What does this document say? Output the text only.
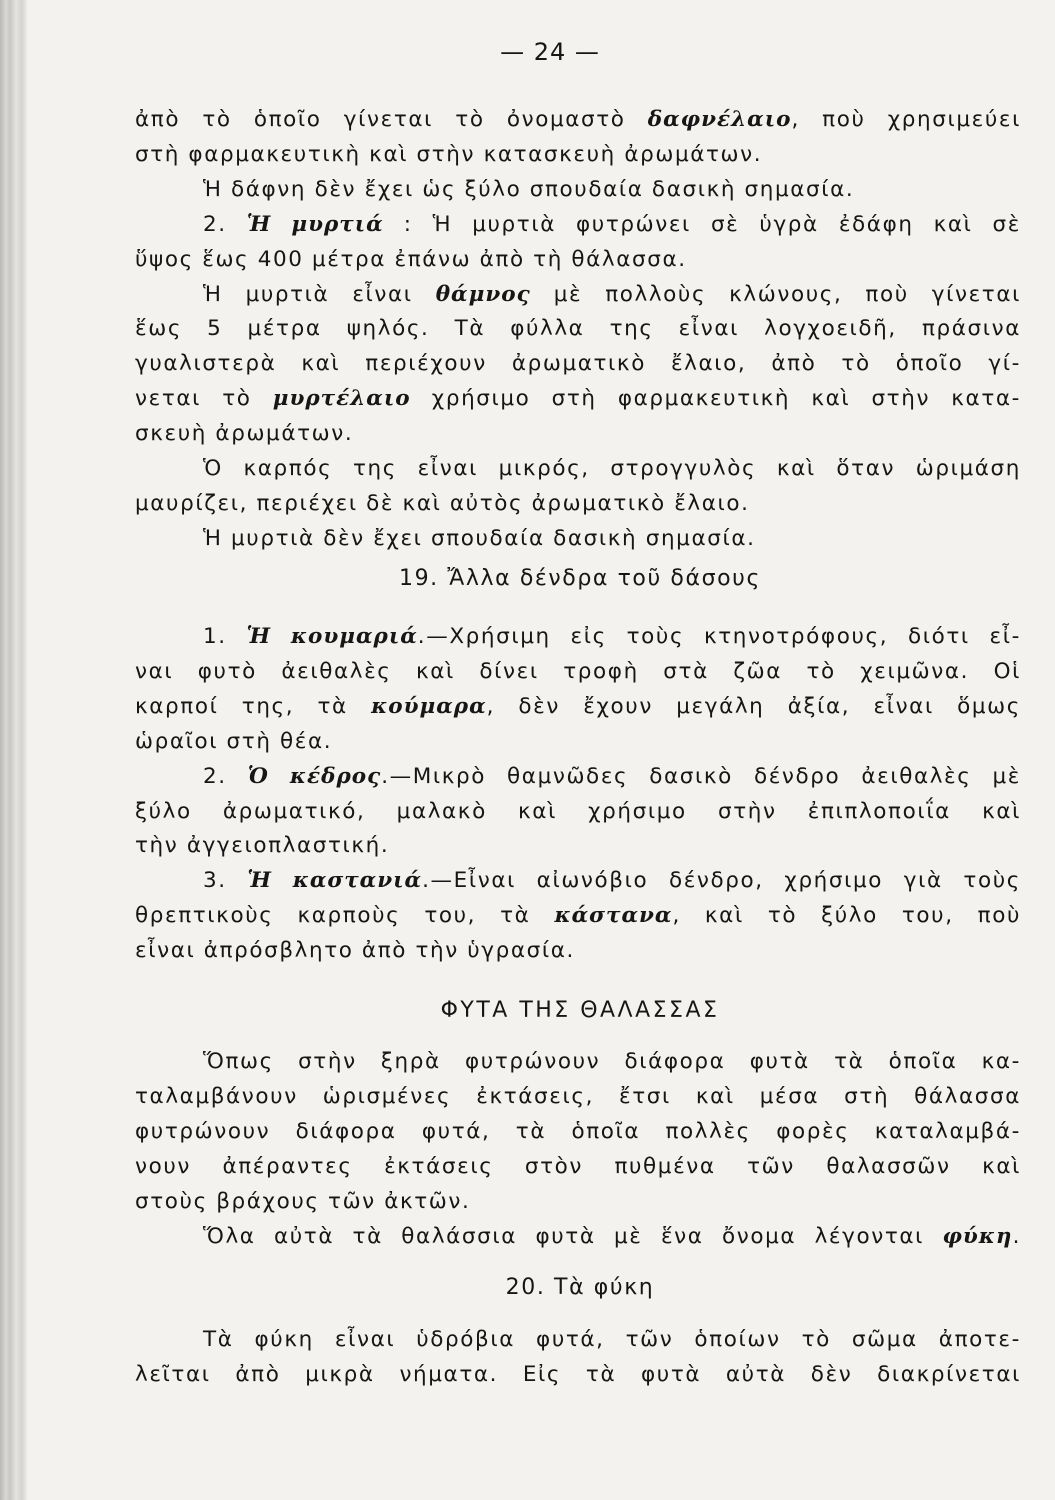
— 24 —

ἀπὸ τὸ ὁποῖο γίνεται τὸ ὀνομαστὸ δαφνέλαιο, ποὺ χρησιμεύει

στὴ φαρμακευτικὴ καὶ στὴν κατασκευὴ ἀρωμάτων.

Ἡ δάφνη δὲν ἔχει ὡς ξύλο σπουδαία δασικὴ σημασία.

2. Ἡ μυρτιά : Ἡ μυρτιὰ φυτρώνει σὲ ὑγρὰ ἐδάφη καὶ σὲ

ὕψος ἕως 400 μέτρα ἐπάνω ἀπὸ τὴ θάλασσα.

Ἡ μυρτιὰ εἶναι θάμνος μὲ πολλοὺς κλώνους, ποὺ γίνεται

ἕως 5 μέτρα ψηλός. Τὰ φύλλα της εἶναι λογχοειδῆ, πράσινα

γυαλιστερὰ καὶ περιέχουν ἀρωματικὸ ἔλαιο, ἀπὸ τὸ ὁποῖο γί-

νεται τὸ μυρτέλαιο χρήσιμο στὴ φαρμακευτικὴ καὶ στὴν κατα-

σκευὴ ἀρωμάτων.

Ὁ καρπός της εἶναι μικρός, στρογγυλὸς καὶ ὅταν ὡριμάση

μαυρίζει, περιέχει δὲ καὶ αὐτὸς ἀρωματικὸ ἔλαιο.

Ἡ μυρτιὰ δὲν ἔχει σπουδαία δασικὴ σημασία.

19. Ἄλλα δένδρα τοῦ δάσους

1. Ἡ κουμαριά.—Χρήσιμη εἰς τοὺς κτηνοτρόφους, διότι εἶ-

ναι φυτὸ ἀειθαλὲς καὶ δίνει τροφὴ στὰ ζῶα τὸ χειμῶνα. Οἱ

καρποί της, τὰ κούμαρα, δὲν ἔχουν μεγάλη ἀξία, εἶναι ὅμως

ὡραῖοι στὴ θέα.

2. Ὁ κέδρος.—Μικρὸ θαμνῶδες δασικὸ δένδρο ἀειθαλὲς μὲ

ξύλο ἀρωματικό, μαλακὸ καὶ χρήσιμο στὴν ἐπιπλοποιΐα καὶ

τὴν ἀγγειοπλαστική.

3. Ἡ καστανιά.—Εἶναι αἰωνόβιο δένδρο, χρήσιμο γιὰ τοὺς

θρεπτικοὺς καρποὺς του, τὰ κάστανα, καὶ τὸ ξύλο του, ποὺ

εἶναι ἀπρόσβλητο ἀπὸ τὴν ὑγρασία.

ΦΥΤΑ ΤΗΣ ΘΑΛΑΣΣΑΣ

Ὅπως στὴν ξηρὰ φυτρώνουν διάφορα φυτὰ τὰ ὁποῖα κα-

ταλαμβάνουν ὡρισμένες ἐκτάσεις, ἔτσι καὶ μέσα στὴ θάλασσα

φυτρώνουν διάφορα φυτά, τὰ ὁποῖα πολλὲς φορὲς καταλαμβά-

νουν ἀπέραντες ἐκτάσεις στὸν πυθμένα τῶν θαλασσῶν καὶ

στοὺς βράχους τῶν ἀκτῶν.

Ὅλα αὐτὰ τὰ θαλάσσια φυτὰ μὲ ἕνα ὄνομα λέγονται φύκη.

20. Τὰ φύκη

Τὰ φύκη εἶναι ὑδρόβια φυτά, τῶν ὁποίων τὸ σῶμα ἀποτε-

λεῖται ἀπὸ μικρὰ νήματα. Εἰς τὰ φυτὰ αὐτὰ δὲν διακρίνεται
